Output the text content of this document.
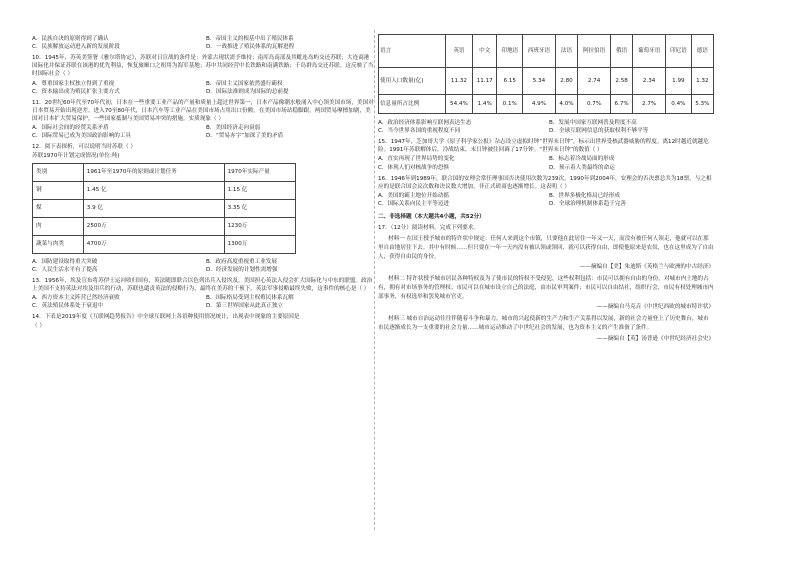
A．民族自决的原则得到了确认	B．帝国主义的根基中出了殖民体系
C．民族解放运动进入新的发展阶段	D．一战推进了殖民体系的瓦解进程
10．1945年，苏英美签署《雅尔塔协定》，苏联对日宣战的条件是：外蒙古现状需予维持；南库岛南部及其毗连岛屿交还苏联；大连商港国际化并保证苏联在该港的优先利益，恢复旅顺口之租用为海军基地；苏中共同经营中长铁路和南满铁路；千岛群岛交还苏联。这反映了当时国际社会（ ）
A．尊重国家主权独立得到了重视	B．帝国主义国家依然盛行霸权
C．资本输出成为殖民扩张主要方式	D．国际法准则成为国际的总前提
11．20世纪60年代至70年代初，日本在一些重要工业产品的产量和质量上超过世界第一，日本产品像潮水般涌入中心领美国市场，美国对日本贸易开始出现逆差。进入70至80年代，日本汽车等工业产品在美国市场占用出口份额，在美国市场站稳脚跟，两国贸易摩擦加剧，美国对日本扩大贸易保护，一些国家抵制与美国贸易冲突的措施。实质现象（ ）
A．国际社会间的经贸关系矛盾	B．美国经济走向衰弱
C．国际贸易已成为美国政治影响的工具	D．“贸易赤字”加深了美的矛盾
12．阅下表探析，可以说明当时苏联（ ）
苏联1970年计划完成情况(单位:吨)
类别	1961年至1970年的原则或计划任务	1970年实际产量
钢	1.45 亿	1.15 亿
煤	3.9 亿	3.35 亿
肉	2500万	1230万
蔬菜与肉类	4700万	1300万
A．国防建设取得重大突破	B．政府高度重视重工业发展
C．人民生活水平有了提高	D．经济发展的计划性需增强
13．1956年，埃及宣布将苏伊士运河收归国有，英法随即联合以色列出兵入侵埃及。美国担心英法入侵会扩大国际化与中东的联盟。政治上美国不支持英法对埃及用兵的行动，苏联也谴责英法的侵略行为，最终在美苏的干预下，英法军事侵略最终失败，这事件的核心是（ ）
A．西方资本主义阵营已然经济衰败	B．国际格局受到主权殖民体系瓦解
C．英法殖民体系处于衰退中	D．第三世界国家从此真正独立
14．下表是2019年度《互联网趋势报告》中全球互联网上各语种使用情况统计，出现表中现象的主要原因是
（ ）
语言	英语	中文	印地语	西班牙语	法语	阿拉伯语	俄语	葡萄牙语	印尼语	德语
使用人口数量(亿)	11.32	11.17	6.15	5.34	2.80	2.74	2.58	2.34	1.99	1.32
信息量所占比例	54.4%	1.4%	0.1%	4.9%	4.0%	0.7%	6.7%	2.7%	0.4%	5.3%
A．政治经济体系影响互联网表达生态	B．发展中国家互联网普及程度不高
C．当今世界各国的重视程度不同	D．全球互联网信息的获取权利不够平等
15．1947年，芝加哥大学《原子科学家公报》杂志设立虚拟时钟“世界末日钟”，标示出世界受核武器威胁的程度。离12时越近就越危险。1991年苏联解体后，冷战结束，末日钟被往回调了17分钟。“世界末日钟”的数值（ ）
A．直实再现了世界局势的变化	B．标志着冷战局面的形成
C．体现人们对核战争的恐惧	D．预示着人类最终的命运
16．1946年到1989年，联合国的安理会常任理事国否决使用次数为239次，1990年到2004年，安理会的否决票总共为18票，与之相应的是联合国会议次数和决议数大增加，非正式磋商也逐渐增长。这表明（ ）
A．美国的霸主地位开始动摇	B．世界多极化格局已经形成
C．国际关系向民主平等迈进	D．全球治理机制体系趋于完善
二、非选择题（本大题共4小题，共52分）
17．（12分）阅读材料，完成下列要求。
材料一 在国王授予城市的特许状中规定：任何人来到这个市镇，只要他在此居住一年又一天，而没有被任何人领走，他就可以在那里自由地居住下去。其中有时候……但只要在一年一天内没有被认领或领回，就可以获得自由，即使他原来是农奴，也在这里成为了自由人，获得自由民的身份。
——摘编自【美】朱迪斯《英格兰与欧洲的中古经济》
材料二 特许状授予城市居民各种特权及为了使市民的特权不受侵犯，这些权利包括：市民可以拥有自由的身份，对城市内土地的占有，拥有对市场事务的管理权；市民可以在城市设立自己的法庭，由市民审判案件；市民可以自由结社，组织行会，市民有权处理城市内部事务，有权选举和罢免城市官吏。
——摘编自马克垚《中世纪西欧的城市特许状》
材料三 城市自治运动往往伴随着斗争和暴力。城市的兴起使新的生产力和生产关系得以发展，新的社会力量登上了历史舞台，城市市民逐渐成长为一支重要的社会力量……城市运动推动了中世纪社会的发展，也为资本主义的产生准备了条件。
——摘编自【英】汤普逊《中世纪经济社会史》
